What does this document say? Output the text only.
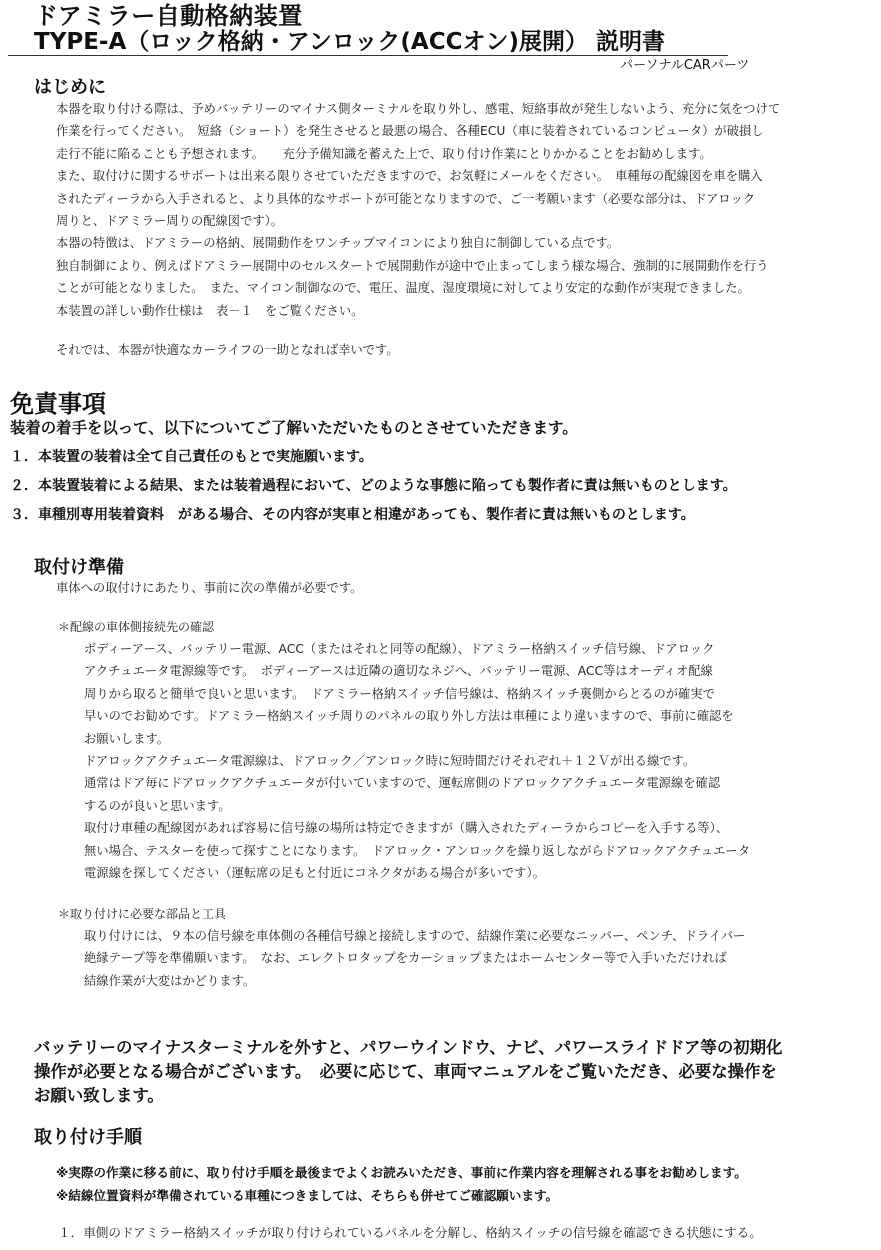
ドアミラー自動格納装置
TYPE-A（ロック格納・アンロック(ACCオン)展開） 説明書
パーソナルCARパーツ
はじめに
本器を取り付ける際は、予めバッテリーのマイナス側ターミナルを取り外し、感電、短絡事故が発生しないよう、充分に気をつけて
作業を行ってください。　短絡（ショート）を発生させると最悪の場合、各種ECU（車に装着されているコンピュータ）が破損し
走行不能に陥ることも予想されます。　　充分予備知識を蓄えた上で、取り付け作業にとりかかることをお勧めします。
また、取付けに関するサポートは出来る限りさせていただきますので、お気軽にメールをください。　車種毎の配線図を車を購入
されたディーラから入手されると、より具体的なサポートが可能となりますので、ご一考願います（必要な部分は、ドアロック
周りと、ドアミラー周りの配線図です）。
本器の特徴は、ドアミラーの格納、展開動作をワンチップマイコンにより独自に制御している点です。
独自制御により、例えばドアミラー展開中のセルスタートで展開動作が途中で止まってしまう様な場合、強制的に展開動作を行う
ことが可能となりました。　また、マイコン制御なので、電圧、温度、湿度環境に対してより安定的な動作が実現できました。
本装置の詳しい動作仕様は　表－１　をご覧ください。
それでは、本器が快適なカーライフの一助となれば幸いです。
免責事項
装着の着手を以って、以下についてご了解いただいたものとさせていただきます。
１．本装置の装着は全て自己責任のもとで実施願います。
２．本装置装着による結果、または装着過程において、どのような事態に陥っても製作者に責は無いものとします。
３．車種別専用装着資料　がある場合、その内容が実車と相違があっても、製作者に責は無いものとします。
取付け準備
車体への取付けにあたり、事前に次の準備が必要です。
＊配線の車体側接続先の確認
ボディーアース、バッテリー電源、ACC（またはそれと同等の配線）、ドアミラー格納スイッチ信号線、ドアロック
アクチュエータ電源線等です。　ボディーアースは近隣の適切なネジへ、バッテリー電源、ACC等はオーディオ配線
周りから取ると簡単で良いと思います。　ドアミラー格納スイッチ信号線は、格納スイッチ裏側からとるのが確実で
早いのでお勧めです。ドアミラー格納スイッチ周りのパネルの取り外し方法は車種により違いますので、事前に確認を
お願いします。
ドアロックアクチュエータ電源線は、ドアロック／アンロック時に短時間だけそれぞれ＋１２Ｖが出る線です。
通常はドア毎にドアロックアクチュエータが付いていますので、運転席側のドアロックアクチュエータ電源線を確認
するのが良いと思います。
取付け車種の配線図があれば容易に信号線の場所は特定できますが（購入されたディーラからコピーを入手する等）、
無い場合、テスターを使って探すことになります。　ドアロック・アンロックを繰り返しながらドアロックアクチュエータ
電源線を探してください（運転席の足もと付近にコネクタがある場合が多いです）。
＊取り付けに必要な部品と工具
取り付けには、９本の信号線を車体側の各種信号線と接続しますので、結線作業に必要なニッパー、ペンチ、ドライバー
絶縁テープ等を準備願います。　なお、エレクトロタップをカーショップまたはホームセンター等で入手いただければ
結線作業が大変はかどります。
バッテリーのマイナスターミナルを外すと、パワーウインドウ、ナビ、パワースライドドア等の初期化
操作が必要となる場合がございます。　必要に応じて、車両マニュアルをご覧いただき、必要な操作を
お願い致します。
取り付け手順
※実際の作業に移る前に、取り付け手順を最後までよくお読みいただき、事前に作業内容を理解される事をお勧めします。
※結線位置資料が準備されている車種につきましては、そちらも併せてご確認願います。
１．車側のドアミラー格納スイッチが取り付けられているパネルを分解し、格納スイッチの信号線を確認できる状態にする。
